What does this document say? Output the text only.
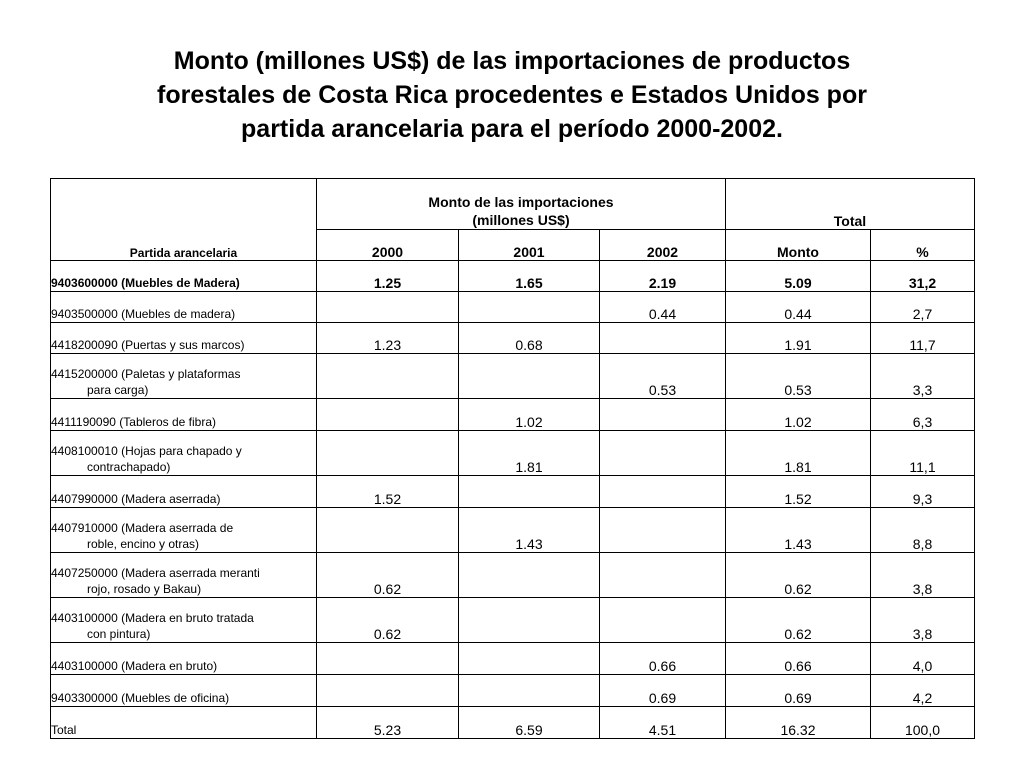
Monto (millones US$) de las importaciones de productos
forestales de Costa Rica procedentes e Estados Unidos por
partida arancelaria para el período 2000-2002.
Partida arancelaria	Monto de las importaciones
(millones US$)			Total	
	2000	2001	2002	Monto	%
9403600000 (Muebles de Madera)	1.25	1.65	2.19	5.09	31,2
9403500000 (Muebles de madera)			0.44	0.44	2,7
4418200090 (Puertas y sus marcos)	1.23	0.68		1.91	11,7
4415200000 (Paletas y plataformas
para carga)			0.53	0.53	3,3
4411190090 (Tableros de fibra)		1.02		1.02	6,3
4408100010 (Hojas para chapado y
contrachapado)		1.81		1.81	11,1
4407990000 (Madera aserrada)	1.52			1.52	9,3
4407910000 (Madera aserrada de
roble, encino y otras)		1.43		1.43	8,8
4407250000 (Madera aserrada meranti
rojo, rosado y Bakau)	0.62			0.62	3,8
4403100000 (Madera en bruto tratada
con pintura)	0.62			0.62	3,8
4403100000 (Madera en bruto)			0.66	0.66	4,0
9403300000 (Muebles de oficina)			0.69	0.69	4,2
Total	5.23	6.59	4.51	16.32	100,0
